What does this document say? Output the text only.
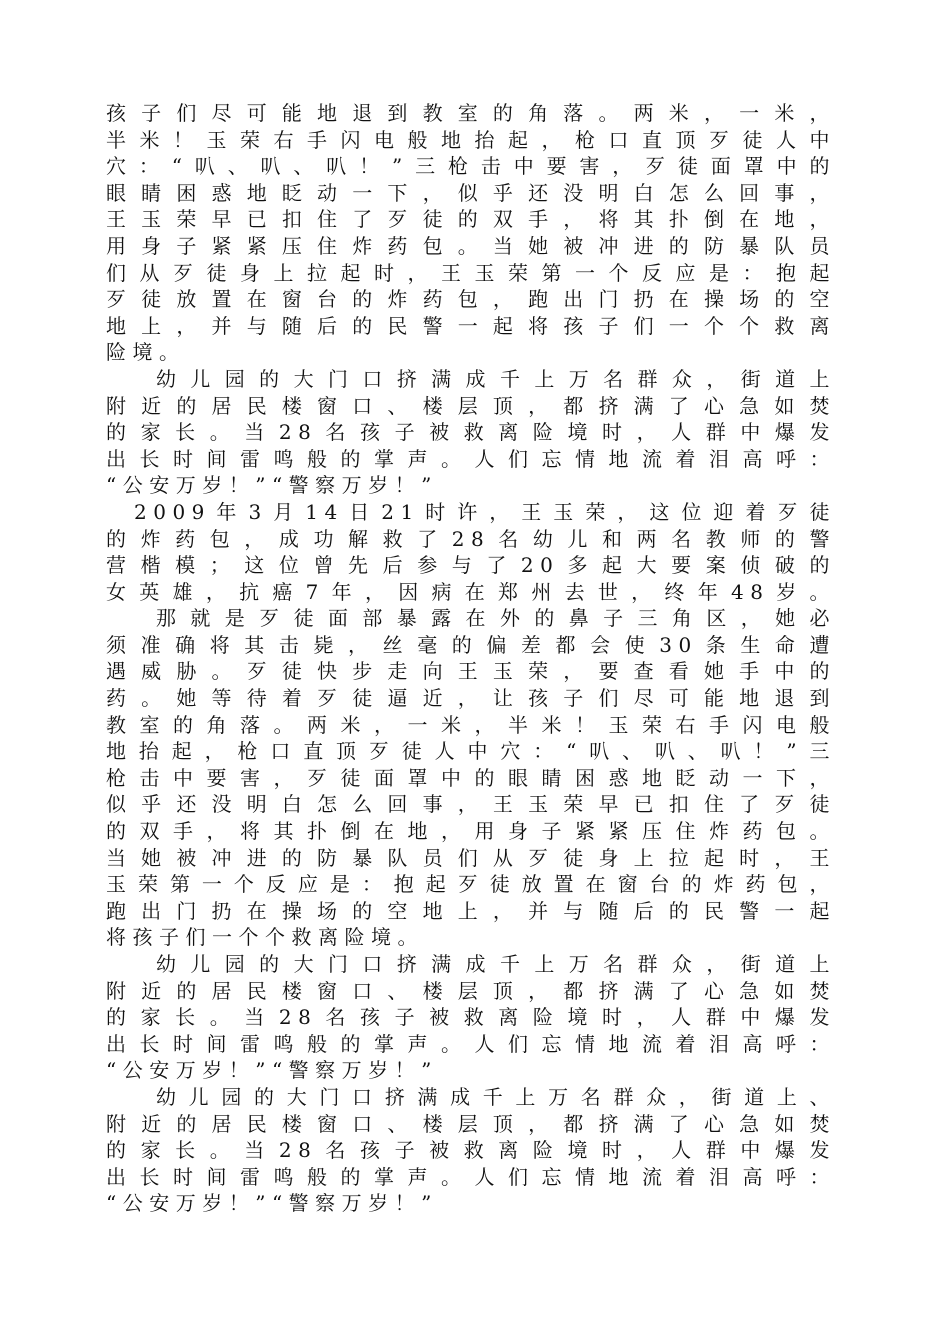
孩子们尽可能地退到教室的角落。两米，一米，
半米！玉荣右手闪电般地抬起，枪口直顶歹徒人中
穴：“叭、叭、叭！”三枪击中要害，歹徒面罩中的
眼睛困惑地眨动一下，似乎还没明白怎么回事，
王玉荣早已扣住了歹徒的双手，将其扑倒在地，
用身子紧紧压住炸药包。当她被冲进的防暴队员
们从歹徒身上拉起时，王玉荣第一个反应是：抱起
歹徒放置在窗台的炸药包，跑出门扔在操场的空
地上，并与随后的民警一起将孩子们一个个救离
险境。
幼儿园的大门口挤满成千上万名群众，街道上
附近的居民楼窗口、楼层顶，都挤满了心急如焚
的家长。当28名孩子被救离险境时，人群中爆发
出长时间雷鸣般的掌声。人们忘情地流着泪高呼：
“公安万岁！”“警察万岁！”
2009年3月14日21时许，王玉荣，这位迎着歹徒
的炸药包，成功解救了28名幼儿和两名教师的警
营楷模；这位曾先后参与了20多起大要案侦破的
女英雄，抗癌7年，因病在郑州去世，终年48岁。
那就是歹徒面部暴露在外的鼻子三角区，她必
须准确将其击毙，丝毫的偏差都会使30条生命遭
遇威胁。歹徒快步走向王玉荣，要查看她手中的
药。她等待着歹徒逼近，让孩子们尽可能地退到
教室的角落。两米，一米，半米！玉荣右手闪电般
地抬起，枪口直顶歹徒人中穴：“叭、叭、叭！”三
枪击中要害，歹徒面罩中的眼睛困惑地眨动一下，
似乎还没明白怎么回事，王玉荣早已扣住了歹徒
的双手，将其扑倒在地，用身子紧紧压住炸药包。
当她被冲进的防暴队员们从歹徒身上拉起时，王
玉荣第一个反应是：抱起歹徒放置在窗台的炸药包，
跑出门扔在操场的空地上，并与随后的民警一起
将孩子们一个个救离险境。
幼儿园的大门口挤满成千上万名群众，街道上
附近的居民楼窗口、楼层顶，都挤满了心急如焚
的家长。当28名孩子被救离险境时，人群中爆发
出长时间雷鸣般的掌声。人们忘情地流着泪高呼：
“公安万岁！”“警察万岁！”
幼儿园的大门口挤满成千上万名群众，街道上、
附近的居民楼窗口、楼层顶，都挤满了心急如焚
的家长。当28名孩子被救离险境时，人群中爆发
出长时间雷鸣般的掌声。人们忘情地流着泪高呼：
“公安万岁！”“警察万岁！”
